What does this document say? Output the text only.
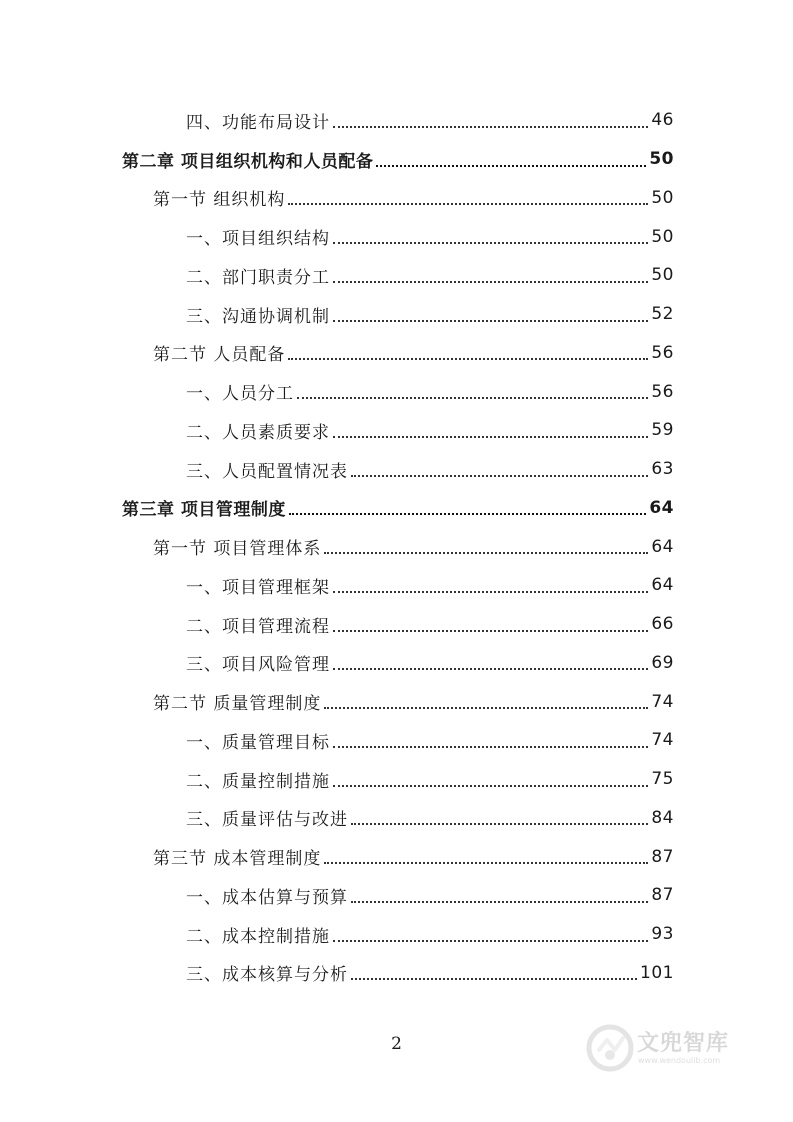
四、功能布局设计	46
第二章 项目组织机构和人员配备	50
第一节 组织机构	50
一、项目组织结构	50
二、部门职责分工	50
三、沟通协调机制	52
第二节 人员配备	56
一、人员分工	56
二、人员素质要求	59
三、人员配置情况表	63
第三章 项目管理制度	64
第一节 项目管理体系	64
一、项目管理框架	64
二、项目管理流程	66
三、项目风险管理	69
第二节 质量管理制度	74
一、质量管理目标	74
二、质量控制措施	75
三、质量评估与改进	84
第三节 成本管理制度	87
一、成本估算与预算	87
二、成本控制措施	93
三、成本核算与分析	101
2	文兜智库
www.wendoulib.com
